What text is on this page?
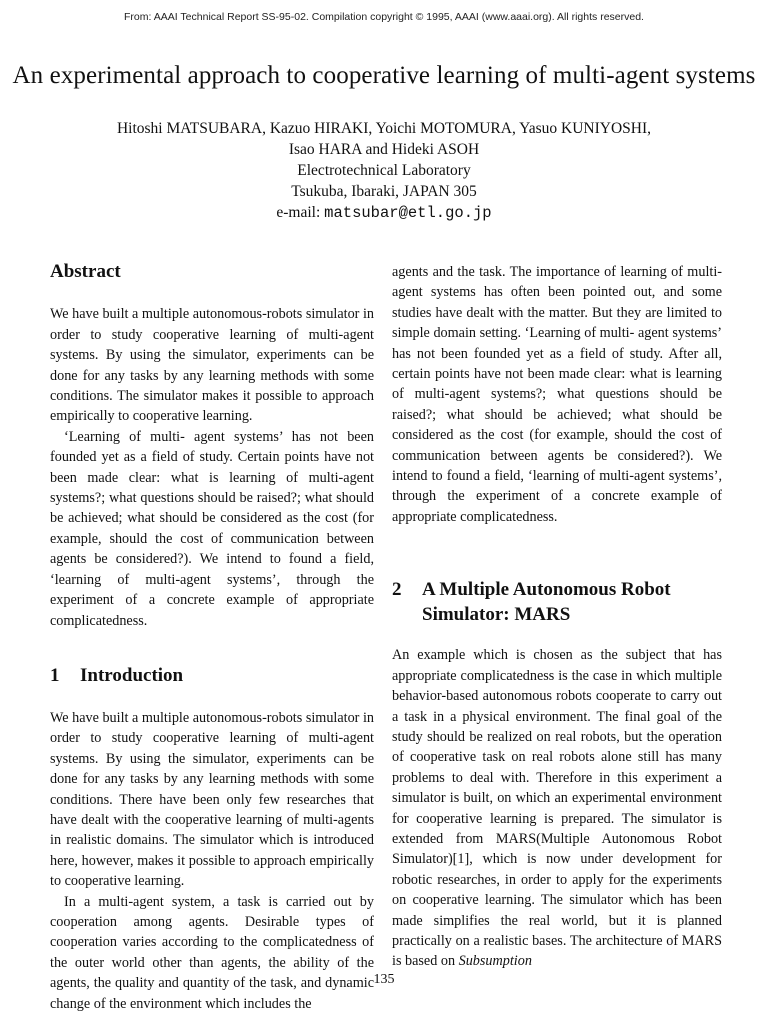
From: AAAI Technical Report SS-95-02. Compilation copyright © 1995, AAAI (www.aaai.org). All rights reserved.
An experimental approach to cooperative learning of multi-agent systems
Hitoshi MATSUBARA, Kazuo HIRAKI, Yoichi MOTOMURA, Yasuo KUNIYOSHI,
Isao HARA and Hideki ASOH
Electrotechnical Laboratory
Tsukuba, Ibaraki, JAPAN 305
e-mail: matsubar@etl.go.jp
Abstract

We have built a multiple autonomous-robots simulator in order to study cooperative learning of multi-agent systems. By using the simulator, experiments can be done for any tasks by any learning methods with some conditions. The simulator makes it possible to approach empirically to cooperative learning.

‘Learning of multi- agent systems’ has not been founded yet as a field of study. Certain points have not been made clear: what is learning of multi-agent systems?; what questions should be raised?; what should be achieved; what should be considered as the cost (for example, should the cost of communication between agents be considered?). We intend to found a field, ‘learning of multi-agent systems’, through the experiment of a concrete example of appropriate complicatedness.

1	Introduction

We have built a multiple autonomous-robots simulator in order to study cooperative learning of multi-agent systems. By using the simulator, experiments can be done for any tasks by any learning methods with some conditions. There have been only few researches that have dealt with the cooperative learning of multi-agents in realistic domains. The simulator which is introduced here, however, makes it possible to approach empirically to cooperative learning.

In a multi-agent system, a task is carried out by cooperation among agents. Desirable types of cooperation varies according to the complicatedness of the outer world other than agents, the ability of the agents, the quality and quantity of the task, and dynamic change of the environment which includes the

agents and the task. The importance of learning of multi-agent systems has often been pointed out, and some studies have dealt with the matter. But they are limited to simple domain setting. ‘Learning of multi- agent systems’ has not been founded yet as a field of study. After all, certain points have not been made clear: what is learning of multi-agent systems?; what questions should be raised?; what should be achieved; what should be considered as the cost (for example, should the cost of communication between agents be considered?). We intend to found a field, ‘learning of multi-agent systems’, through the experiment of a concrete example of appropriate complicatedness.

2	A Multiple Autonomous Robot
Simulator: MARS

An example which is chosen as the subject that has appropriate complicatedness is the case in which multiple behavior-based autonomous robots cooperate to carry out a task in a physical environment. The final goal of the study should be realized on real robots, but the operation of cooperative task on real robots alone still has many problems to deal with. Therefore in this experiment a simulator is built, on which an experimental environment for cooperative learning is prepared. The simulator is extended from MARS(Multiple Autonomous Robot Simulator)[1], which is now under development for robotic researches, in order to apply for the experiments on cooperative learning. The simulator which has been made simplifies the real world, but it is planned practically on a realistic bases. The architecture of MARS is based on Subsumption

135
